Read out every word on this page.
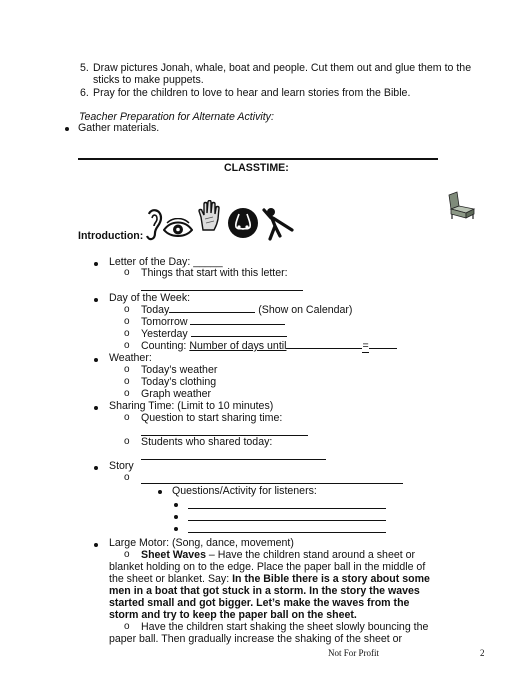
5. Draw pictures Jonah, whale, boat and people. Cut them out and glue them to the
sticks to make puppets.
6. Pray for the children to love to hear and learn stories from the Bible.
Teacher Preparation for Alternate Activity:
Gather materials.
CLASSTIME:
Introduction:
Letter of the Day: _____
o Things that start with this letter:
Day of the Week:
o Today	(Show on Calendar)
o Tomorrow
o Yesterday
o Counting: Number of days until	=
Weather:
o Today’s weather
o Today’s clothing
o Graph weather
Sharing Time: (Limit to 10 minutes)
o Question to start sharing time:
o Students who shared today:
Story
o
Questions/Activity for listeners:
Large Motor: (Song, dance, movement)
o Sheet Waves – Have the children stand around a sheet or
blanket holding on to the edge. Place the paper ball in the middle of
the sheet or blanket. Say: In the Bible there is a story about some
men in a boat that got stuck in a storm. In the story the waves
started small and got bigger. Let’s make the waves from the
storm and try to keep the paper ball on the sheet.
o Have the children start shaking the sheet slowly bouncing the
paper ball. Then gradually increase the shaking of the sheet or
Not For Profit	2
